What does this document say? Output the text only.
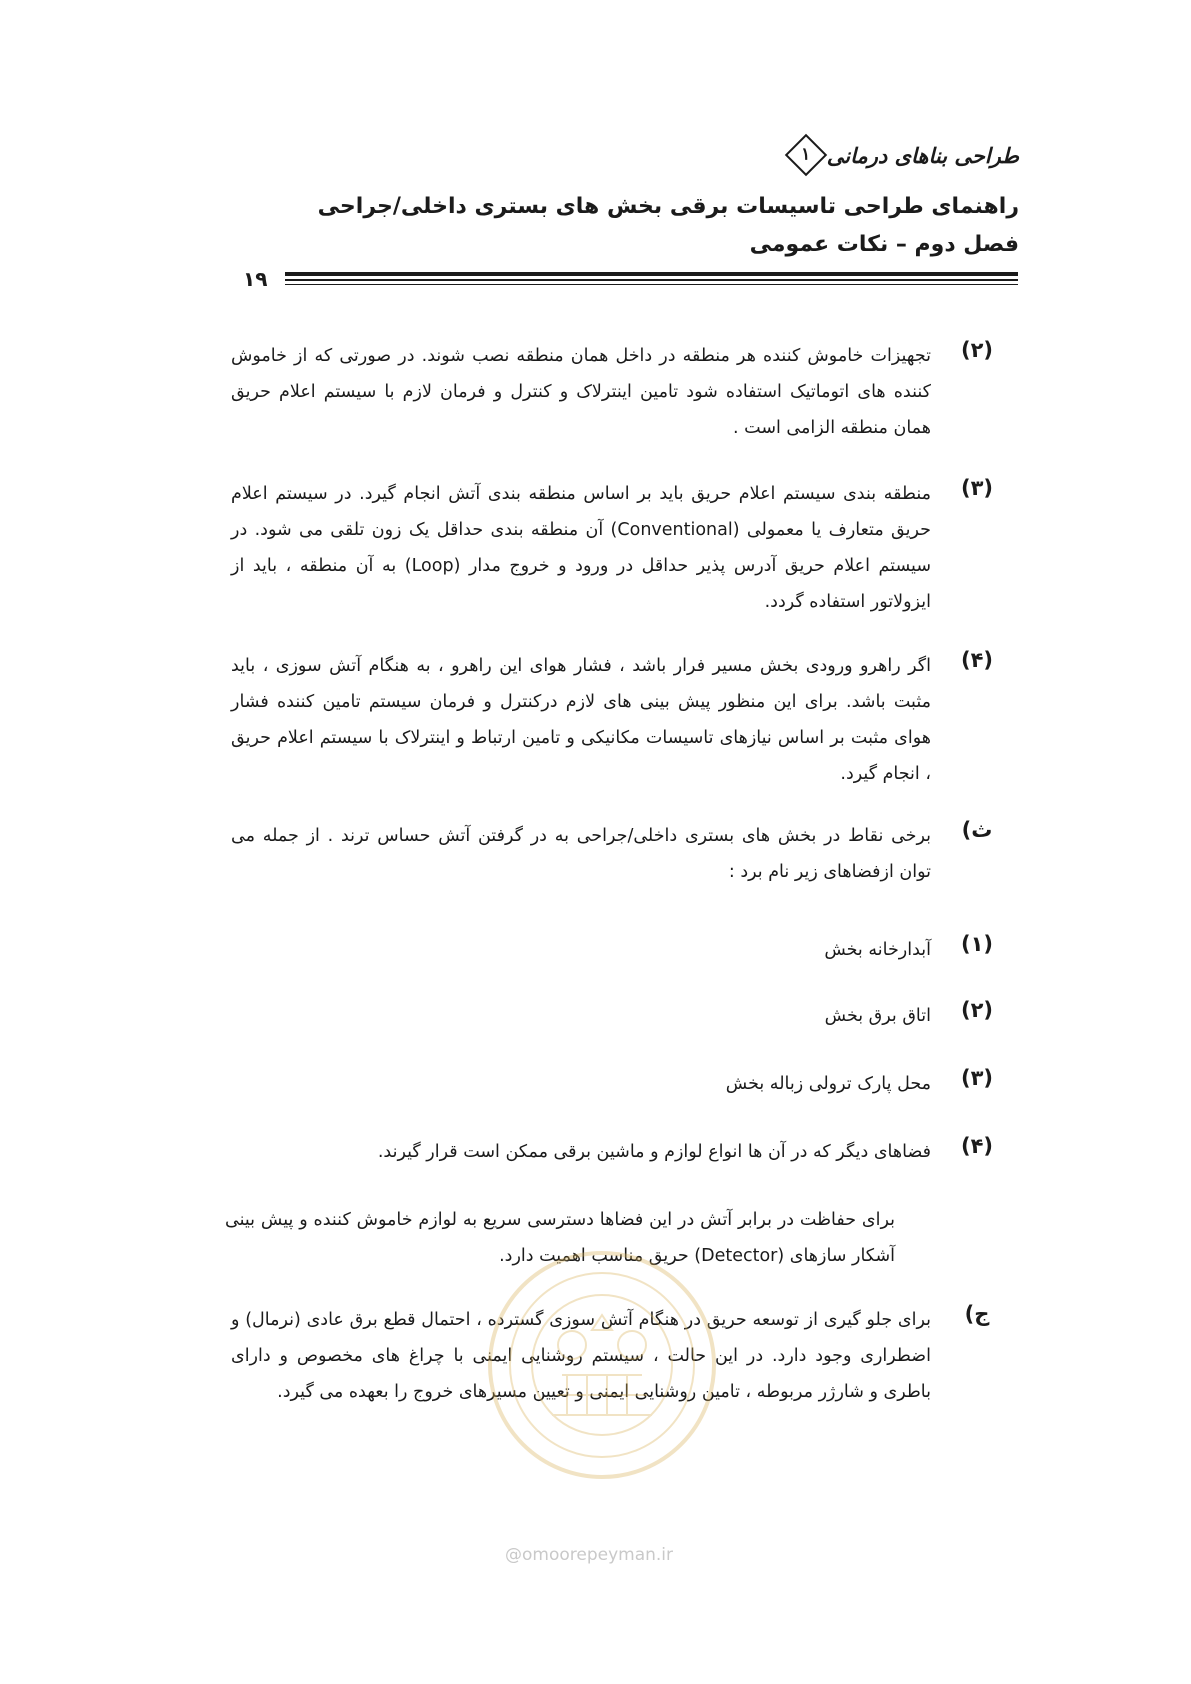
طراحی بناهای درمانی
۱
راهنمای طراحی تاسیسات برقی بخش های بستری داخلی/جراحی
فصل دوم – نکات عمومی
۱۹
(۲)
تجهیزات خاموش کننده هر منطقه در داخل همان منطقه نصب شوند. در صورتی که از خاموش کننده های اتوماتیک استفاده شود تامین اینترلاک و کنترل و فرمان لازم با سیستم اعلام حریق همان منطقه الزامی است .
(۳)
منطقه بندی سیستم اعلام حریق باید بر اساس منطقه بندی آتش انجام گیرد. در سیستم اعلام حریق متعارف یا معمولی (Conventional) آن منطقه بندی حداقل یک زون تلقی می شود. در سیستم اعلام حریق آدرس پذیر حداقل در ورود و خروج مدار (Loop) به آن منطقه ، باید از ایزولاتور استفاده گردد.
(۴)
اگر راهرو ورودی بخش مسیر فرار باشد ، فشار هوای این راهرو ، به هنگام آتش سوزی ، باید مثبت باشد. برای این منظور پیش بینی های لازم درکنترل و فرمان سیستم تامین کننده فشار هوای مثبت بر اساس نیازهای تاسیسات مکانیکی و تامین ارتباط و اینترلاک با سیستم اعلام حریق ، انجام گیرد.
ث)
برخی نقاط در بخش های بستری داخلی/جراحی به در گرفتن آتش حساس ترند . از جمله می توان ازفضاهای زیر نام برد :
(۱)
آبدارخانه بخش
(۲)
اتاق برق بخش
(۳)
محل پارک ترولی زباله بخش
(۴)
فضاهای دیگر که در آن ها انواع لوازم و ماشین برقی ممکن است قرار گیرند.
برای حفاظت در برابر آتش در این فضاها دسترسی سریع به لوازم خاموش کننده و پیش بینی آشکار سازهای (Detector) حریق مناسب اهمیت دارد.
ج)
برای جلو گیری از توسعه حریق در هنگام آتش سوزی گسترده ، احتمال قطع برق عادی (نرمال) و اضطراری وجود دارد. در این حالت ، سیستم روشنایی ایمنی با چراغ های مخصوص و دارای باطری و شارژر مربوطه ، تامین روشنایی ایمنی و تعیین مسیرهای خروج را بعهده می گیرد.
@omoorepeyman.ir
